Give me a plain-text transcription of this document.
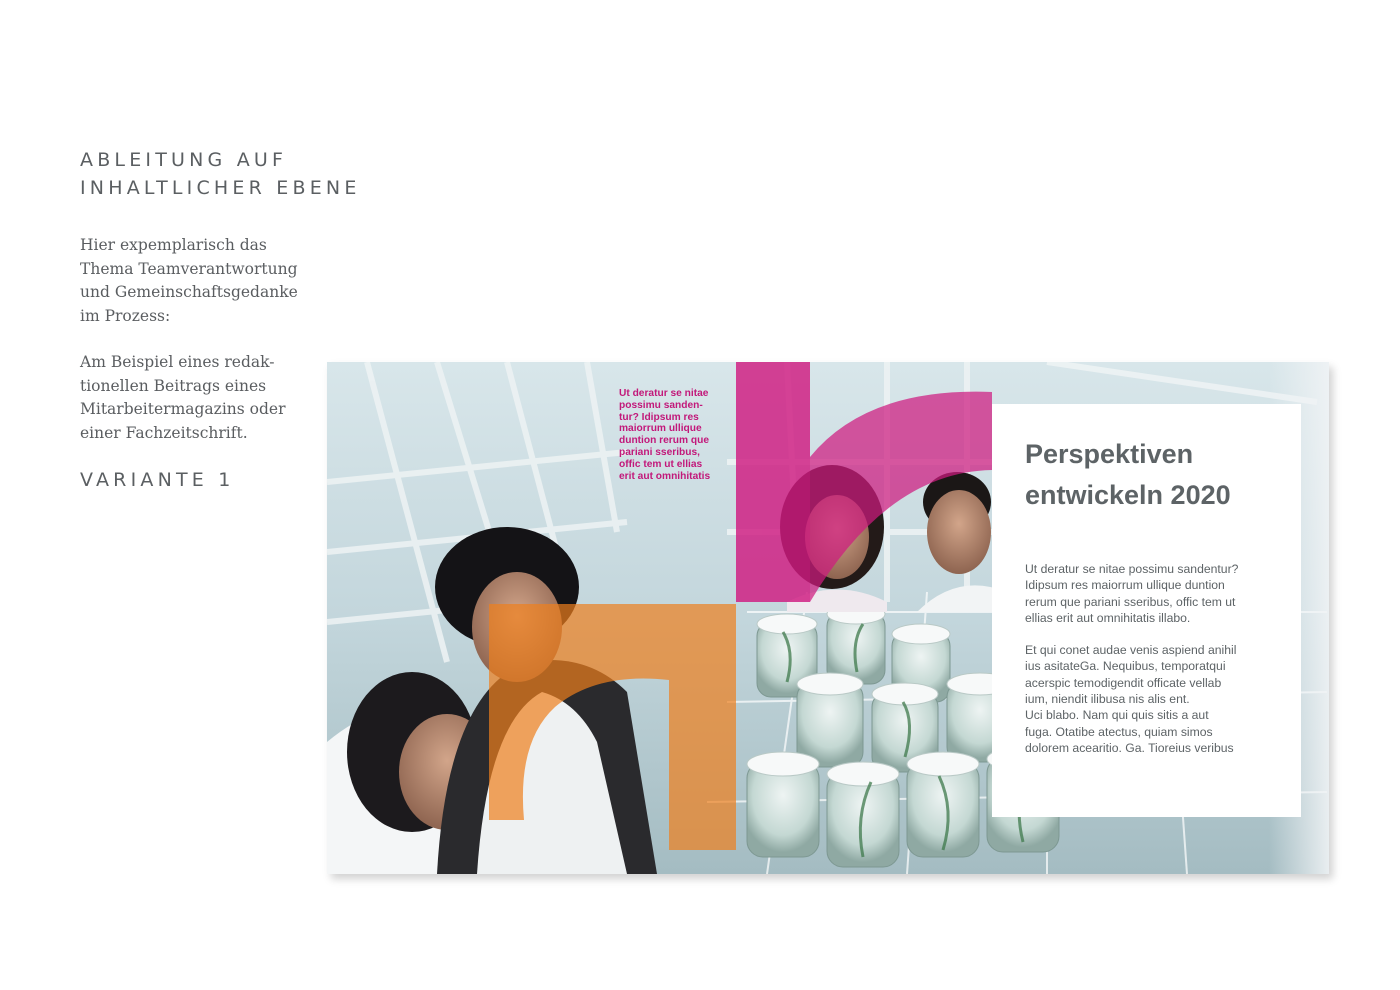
ABLEITUNG AUF
INHALTLICHER EBENE

Hier expemplarisch das
Thema Teamverantwortung
und Gemeinschaftsgedanke
im Prozess:

Am Beispiel eines redak-
tionellen Beitrags eines
Mitarbeitermagazins oder
einer Fachzeitschrift.

VARIANTE 1

Ut deratur se nitae
possimu sanden-
tur? Idipsum res
maiorrum ullique
duntion rerum que
pariani sseribus,
offic tem ut ellias
erit aut omnihitatis

Perspektiven
entwickeln 2020

Ut deratur se nitae possimu sandentur?
Idipsum res maiorrum ullique duntion
rerum que pariani sseribus, offic tem ut
ellias erit aut omnihitatis illabo.

Et qui conet audae venis aspiend anihil
ius asitateGa. Nequibus, temporatqui
acerspic temodigendit officate vellab
ium, niendit ilibusa nis alis ent.
Uci blabo. Nam qui quis sitis a aut
fuga. Otatibe atectus, quiam simos
dolorem acearitio. Ga. Tioreius veribus
